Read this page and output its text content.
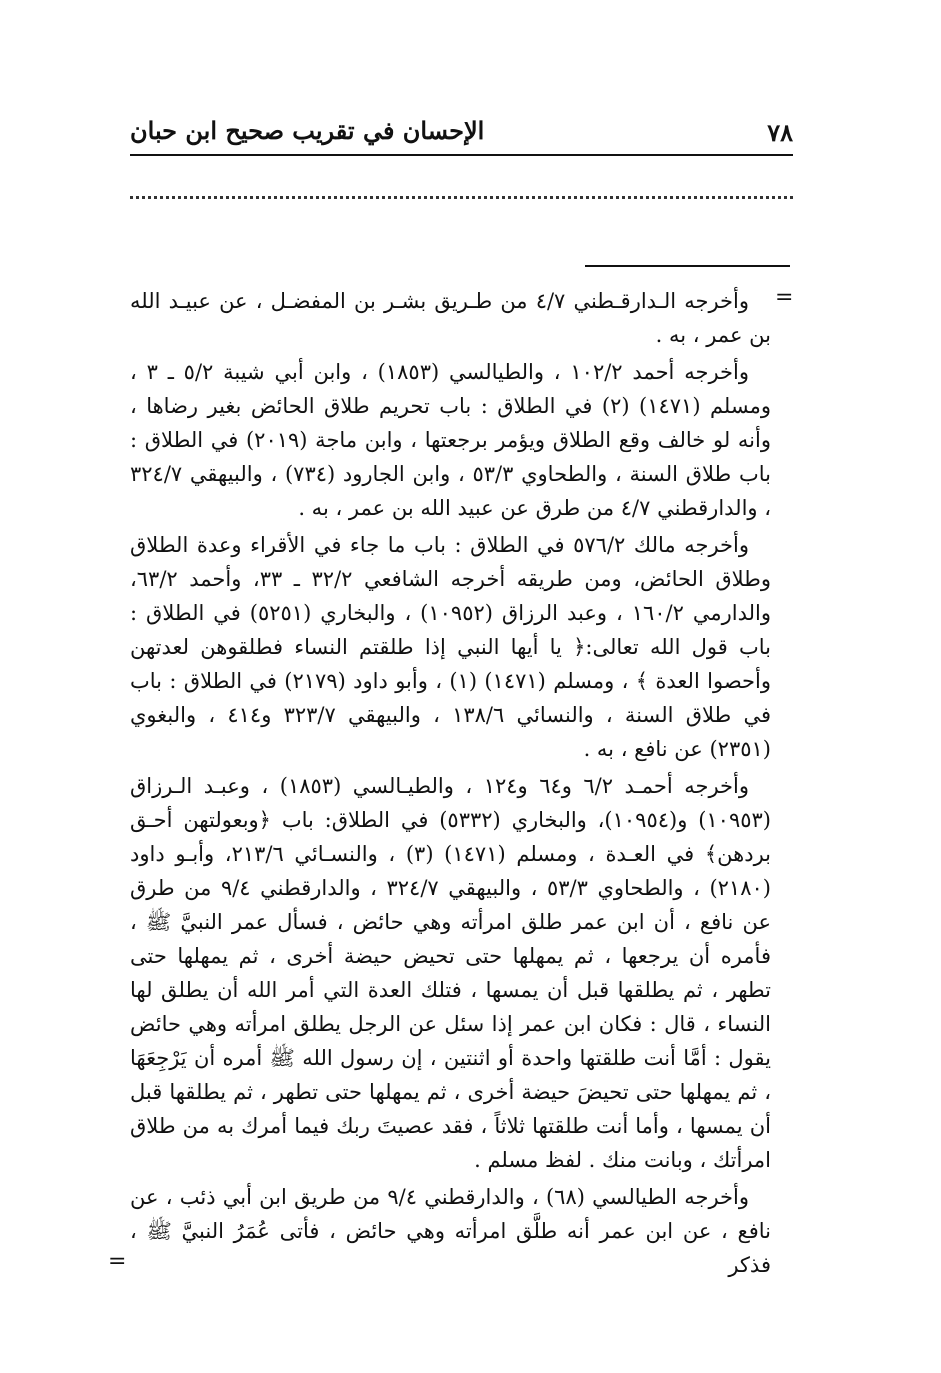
٧٨
الإحسان في تقريب صحيح ابن حبان
=

وأخرجه الـدارقـطني ٤/٧ من طـريق بشـر بن المفضـل ، عن عبيـد الله بن عمر ، به .

وأخرجه أحمد ١٠٢/٢ ، والطيالسي (١٨٥٣) ، وابن أبي شيبة ٥/٢ ـ ٣ ، ومسلم (١٤٧١) (٢) في الطلاق : باب تحريم طلاق الحائض بغير رضاها ، وأنه لو خالف وقع الطلاق ويؤمر برجعتها ، وابن ماجة (٢٠١٩) في الطلاق : باب طلاق السنة ، والطحاوي ٥٣/٣ ، وابن الجارود (٧٣٤) ، والبيهقي ٣٢٤/٧ ، والدارقطني ٤/٧ من طرق عن عبيد الله بن عمر ، به .

وأخرجه مالك ٥٧٦/٢ في الطلاق : باب ما جاء في الأقراء وعدة الطلاق وطلاق الحائض، ومن طريقه أخرجه الشافعي ٣٢/٢ ـ ٣٣، وأحمد ٦٣/٢، والدارمي ١٦٠/٢ ، وعبد الرزاق (١٠٩٥٢) ، والبخاري (٥٢٥١) في الطلاق : باب قول الله تعالى:﴿ يا أيها النبي إذا طلقتم النساء فطلقوهن لعدتهن وأحصوا العدة ﴾ ، ومسلم (١٤٧١) (١) ، وأبو داود (٢١٧٩) في الطلاق : باب في طلاق السنة ، والنسائي ١٣٨/٦ ، والبيهقي ٣٢٣/٧ و٤١٤ ، والبغوي (٢٣٥١) عن نافع ، به .

وأخرجه أحمـد ٦/٢ و٦٤ و١٢٤ ، والطيـالسي (١٨٥٣) ، وعبـد الـرزاق (١٠٩٥٣) و(١٠٩٥٤)، والبخاري (٥٣٣٢) في الطلاق: باب ﴿وبعولتهن أحـق بردهن﴾ في العـدة ، ومسلم (١٤٧١) (٣) ، والنسـائي ٢١٣/٦، وأبـو داود (٢١٨٠) ، والطحاوي ٥٣/٣ ، والبيهقي ٣٢٤/٧ ، والدارقطني ٩/٤ من طرق عن نافع ، أن ابن عمر طلق امرأته وهي حائض ، فسأل عمر النبيَّ ﷺ ، فأمره أن يرجعها ، ثم يمهلها حتى تحيض حيضة أخرى ، ثم يمهلها حتى تطهر ، ثم يطلقها قبل أن يمسها ، فتلك العدة التي أمر الله أن يطلق لها النساء ، قال : فكان ابن عمر إذا سئل عن الرجل يطلق امرأته وهي حائض يقول : أمَّا أنت طلقتها واحدة أو اثنتين ، إن رسول الله ﷺ أمره أن يَرْجِعَهَا ، ثم يمهلها حتى تحيضَ حيضة أخرى ، ثم يمهلها حتى تطهر ، ثم يطلقها قبل أن يمسها ، وأما أنت طلقتها ثلاثاً ، فقد عصيتَ ربك فيما أمرك به من طلاق امرأتك ، وبانت منك . لفظ مسلم .

وأخرجه الطيالسي (٦٨) ، والدارقطني ٩/٤ من طريق ابن أبي ذئب ، عن نافع ، عن ابن عمر أنه طلَّق امرأته وهي حائض ، فأتى عُمَرُ النبيَّ ﷺ ، فذكر

=
